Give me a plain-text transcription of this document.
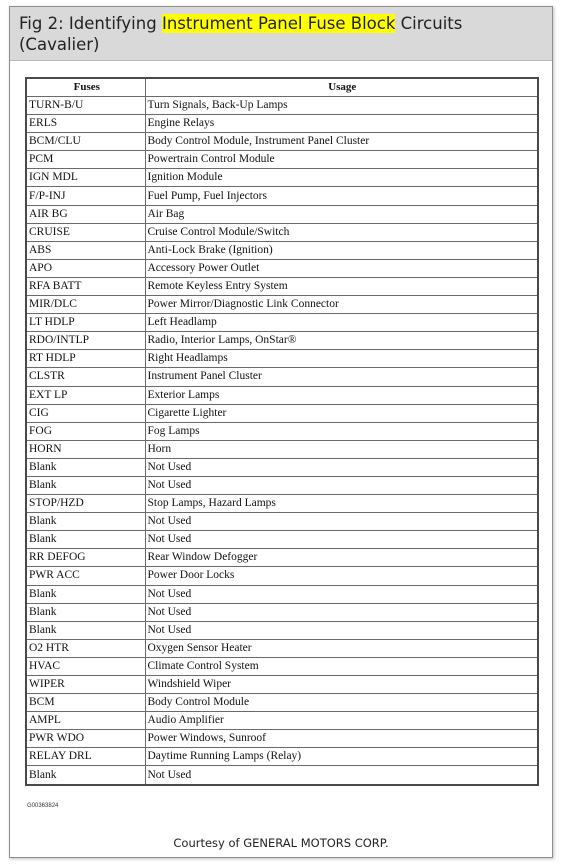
Fig 2: Identifying Instrument Panel Fuse Block Circuits (Cavalier)
Fuses	Usage
TURN-B/U	Turn Signals, Back-Up Lamps
ERLS	Engine Relays
BCM/CLU	Body Control Module, Instrument Panel Cluster
PCM	Powertrain Control Module
IGN MDL	Ignition Module
F/P-INJ	Fuel Pump, Fuel Injectors
AIR BG	Air Bag
CRUISE	Cruise Control Module/Switch
ABS	Anti-Lock Brake (Ignition)
APO	Accessory Power Outlet
RFA BATT	Remote Keyless Entry System
MIR/DLC	Power Mirror/Diagnostic Link Connector
LT HDLP	Left Headlamp
RDO/INTLP	Radio, Interior Lamps, OnStar®
RT HDLP	Right Headlamps
CLSTR	Instrument Panel Cluster
EXT LP	Exterior Lamps
CIG	Cigarette Lighter
FOG	Fog Lamps
HORN	Horn
Blank	Not Used
Blank	Not Used
STOP/HZD	Stop Lamps, Hazard Lamps
Blank	Not Used
Blank	Not Used
RR DEFOG	Rear Window Defogger
PWR ACC	Power Door Locks
Blank	Not Used
Blank	Not Used
Blank	Not Used
O2 HTR	Oxygen Sensor Heater
HVAC	Climate Control System
WIPER	Windshield Wiper
BCM	Body Control Module
AMPL	Audio Amplifier
PWR WDO	Power Windows, Sunroof
RELAY DRL	Daytime Running Lamps (Relay)
Blank	Not Used
G00363824
Courtesy of GENERAL MOTORS CORP.
